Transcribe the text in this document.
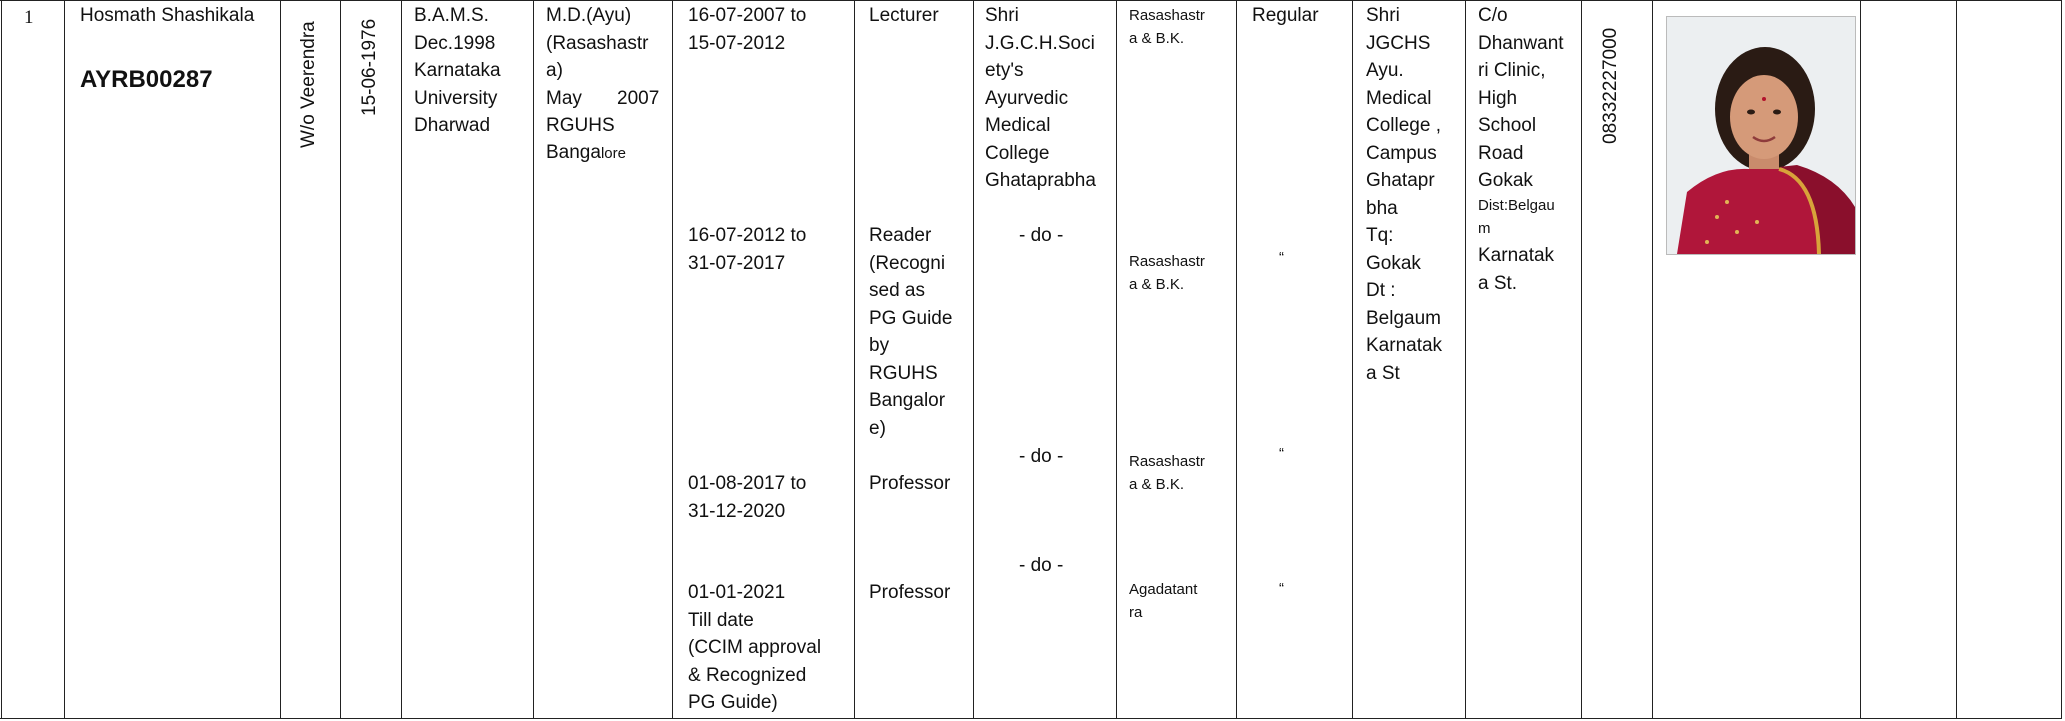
1 Hosmath Shashikala
AYRB00287	W/o Veerendra 15-06-1976
B.A.M.S.
Dec.1998
Karnataka
University
Dharwad
M.D.(Ayu)
(Rasashastr
a)
May 2007
RGUHS
Bangalore
16-07-2007 to
15-07-2012
Lecturer Shri
J.G.C.H.Soci
ety's
Ayurvedic
Medical
College
Ghataprabha
Rasashastr
a & B.K.
Regular
16-07-2012 to
31-07-2017
Reader
(Recogni
sed as
PG Guide
by
RGUHS
Bangalor
e)
- do -
Rasashastr
a & B.K.
“
01-08-2017 to
31-12-2020
Professor
- do -	Rasashastr
a & B.K.
“
01-01-2021
Till date
(CCIM approval
& Recognized
PG Guide)
Professor
- do -
Agadatant
ra
“
Shri
JGCHS
Ayu.
Medical
College ,
Campus
Ghatapr
bha
Tq:
Gokak
Dt :
Belgaum
Karnatak
a St
C/o
Dhanwant
ri Clinic,
High
School
Road
Gokak
Dist:Belgau
m
Karnatak
a St.
08332227000
